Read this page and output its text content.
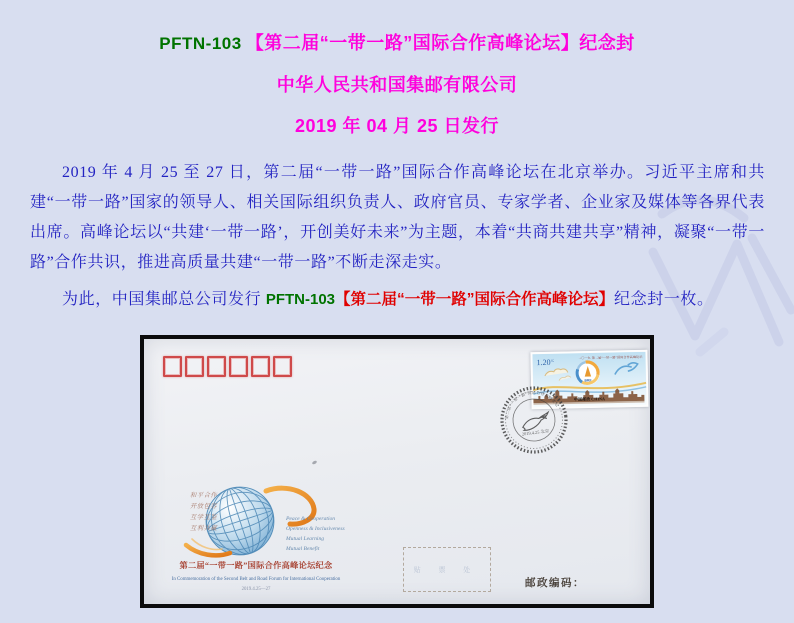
PFTN-103 【第二届“一带一路”国际合作高峰论坛】纪念封
中华人民共和国集邮有限公司
2019 年 04 月 25 日发行
2019 年 4 月 25 至 27 日，第二届“一带一路”国际合作高峰论坛在北京举办。习近平主席和共建“一带一路”国家的领导人、相关国际组织负责人、政府官员、专家学者、企业家及媒体等各界代表出席。高峰论坛以“共建‘一带一路’，开创美好未来”为主题，本着“共商共建共享”精神，凝聚“一带一路”合作共识，推进高质量共建“一带一路”不断走深走实。
为此，中国集邮总公司发行 PFTN-103【第二届“一带一路”国际合作高峰论坛】纪念封一枚。
BRF
$1.20^元$
二〇一九 第二届“一带一路”国际合作高峰论坛
中国邮政 CHINA
第二届“一带一路”国际合作高峰论坛
2019.4.25 北京
和平合作
开放包容
互学互鉴
互利共赢
Peace & Cooperation
Openness & Inclusiveness
Mutual Learning
Mutual Benefit
第二届“一带一路”国际合作高峰论坛纪念
In Commemoration of the Second Belt and Road Forum for International Cooperation
2019.4.25—27
贴 票 处
邮政编码：
